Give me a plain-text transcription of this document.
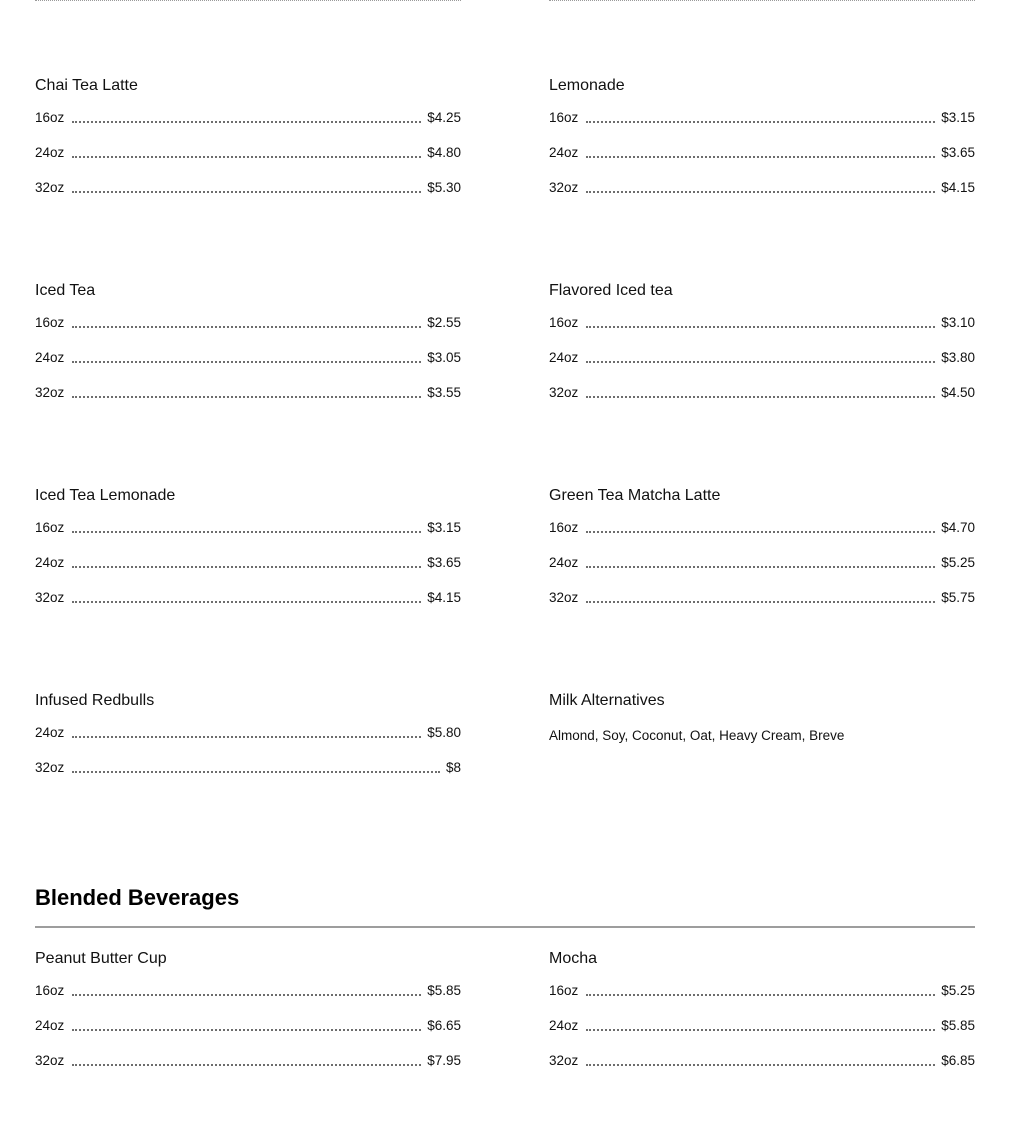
Chai Tea Latte
16oz	$4.25
24oz	$4.80
32oz	$5.30
Lemonade
16oz	$3.15
24oz	$3.65
32oz	$4.15
Iced Tea
16oz	$2.55
24oz	$3.05
32oz	$3.55
Flavored Iced tea
16oz	$3.10
24oz	$3.80
32oz	$4.50
Iced Tea Lemonade
16oz	$3.15
24oz	$3.65
32oz	$4.15
Green Tea Matcha Latte
16oz	$4.70
24oz	$5.25
32oz	$5.75
Infused Redbulls
24oz	$5.80
32oz	$8
Milk Alternatives
Almond, Soy, Coconut, Oat, Heavy Cream, Breve
Blended Beverages
Peanut Butter Cup
16oz	$5.85
24oz	$6.65
32oz	$7.95
Mocha
16oz	$5.25
24oz	$5.85
32oz	$6.85
